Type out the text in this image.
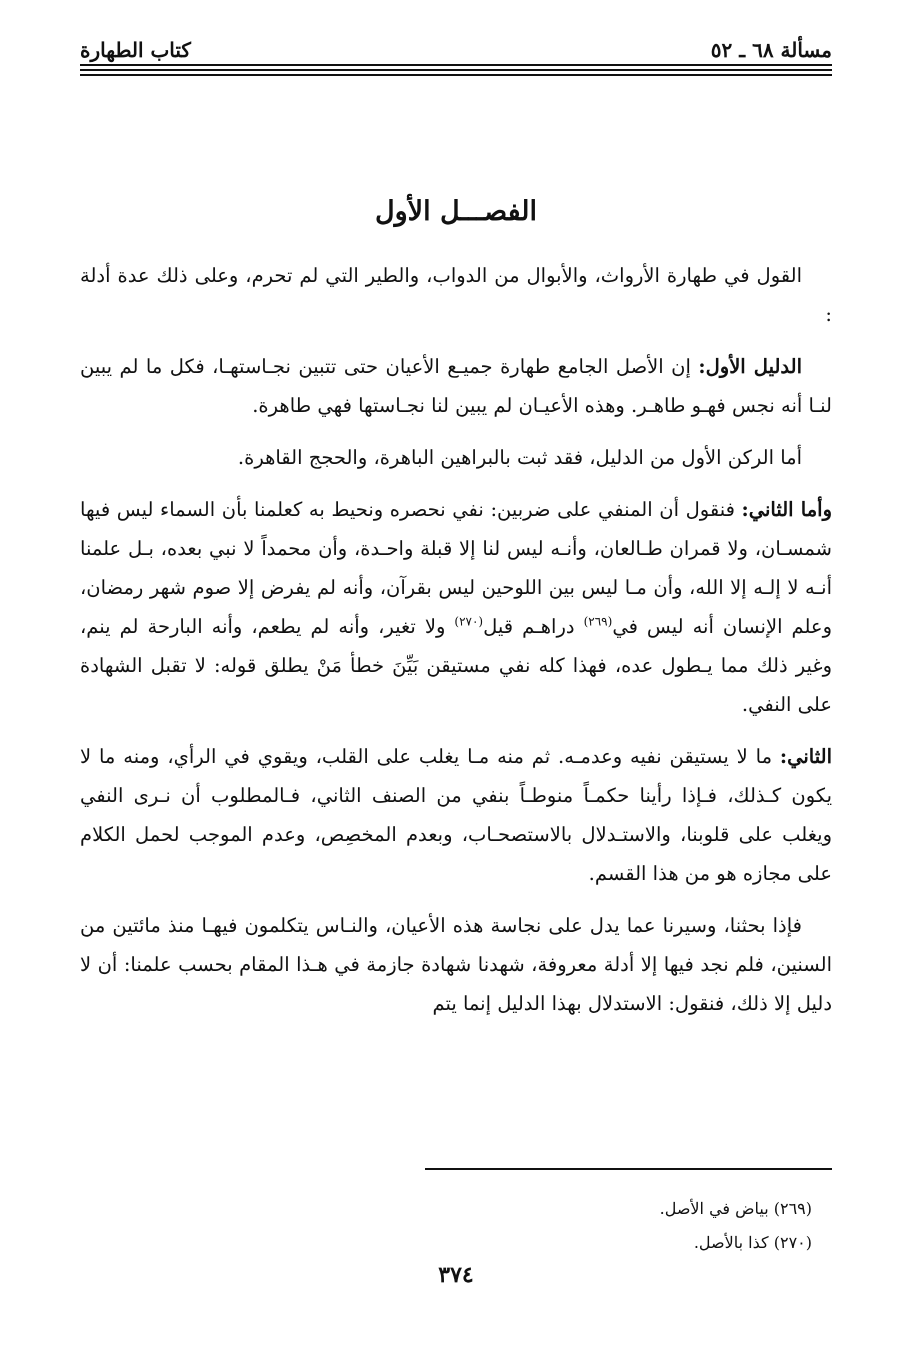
مسألة ٦٨ ـ ٥٢
كتاب الطهارة
الفصـــل الأول

القول في طهارة الأرواث، والأبوال من الدواب، والطير التي لم تحرم، وعلى ذلك عدة أدلة :

الدليل الأول: إن الأصل الجامع طهارة جميـع الأعيان حتى تتبين نجـاستهـا، فكل ما لم يبين لنـا أنه نجس فهـو طاهـر. وهذه الأعيـان لم يبين لنا نجـاستها فهي طاهرة.

أما الركن الأول من الدليل، فقد ثبت بالبراهين الباهرة، والحجج القاهرة.

وأما الثاني: فنقول أن المنفي على ضربين: نفي نحصره ونحيط به كعلمنا بأن السماء ليس فيها شمسـان، ولا قمران طـالعان، وأنـه ليس لنا إلا قبلة واحـدة، وأن محمداً لا نبي بعده، بـل علمنا أنـه لا إلـه إلا الله، وأن مـا ليس بين اللوحين ليس بقرآن، وأنه لم يفرض إلا صوم شهر رمضان، وعلم الإنسان أنه ليس في$^{(٢٦٩)}$ دراهـم قيل$^{(٢٧٠)}$ ولا تغير، وأنه لم يطعم، وأنه البارحة لم ينم، وغير ذلك مما يـطول عده، فهذا كله نفي مستيقن بَيِّنَ خطأ مَنْ يطلق قوله: لا تقبل الشهادة على النفي.

الثاني: ما لا يستيقن نفيه وعدمـه. ثم منه مـا يغلب على القلب، ويقوي في الرأي، ومنه ما لا يكون كـذلك، فـإذا رأينا حكمـاً منوطـاً بنفي من الصنف الثاني، فـالمطلوب أن نـرى النفي ويغلب على قلوبنا، والاستـدلال بالاستصحـاب، وبعدم المخصِص، وعدم الموجب لحمل الكلام على مجازه هو من هذا القسم.

فإذا بحثنا، وسيرنا عما يدل على نجاسة هذه الأعيان، والنـاس يتكلمون فيهـا منذ مائتين من السنين، فلم نجد فيها إلا أدلة معروفة، شهدنا شهادة جازمة في هـذا المقام بحسب علمنا: أن لا دليل إلا ذلك، فنقول: الاستدلال بهذا الدليل إنما يتم

(٢٦٩) بياض في الأصل.
(٢٧٠) كذا بالأصل.
٣٧٤
